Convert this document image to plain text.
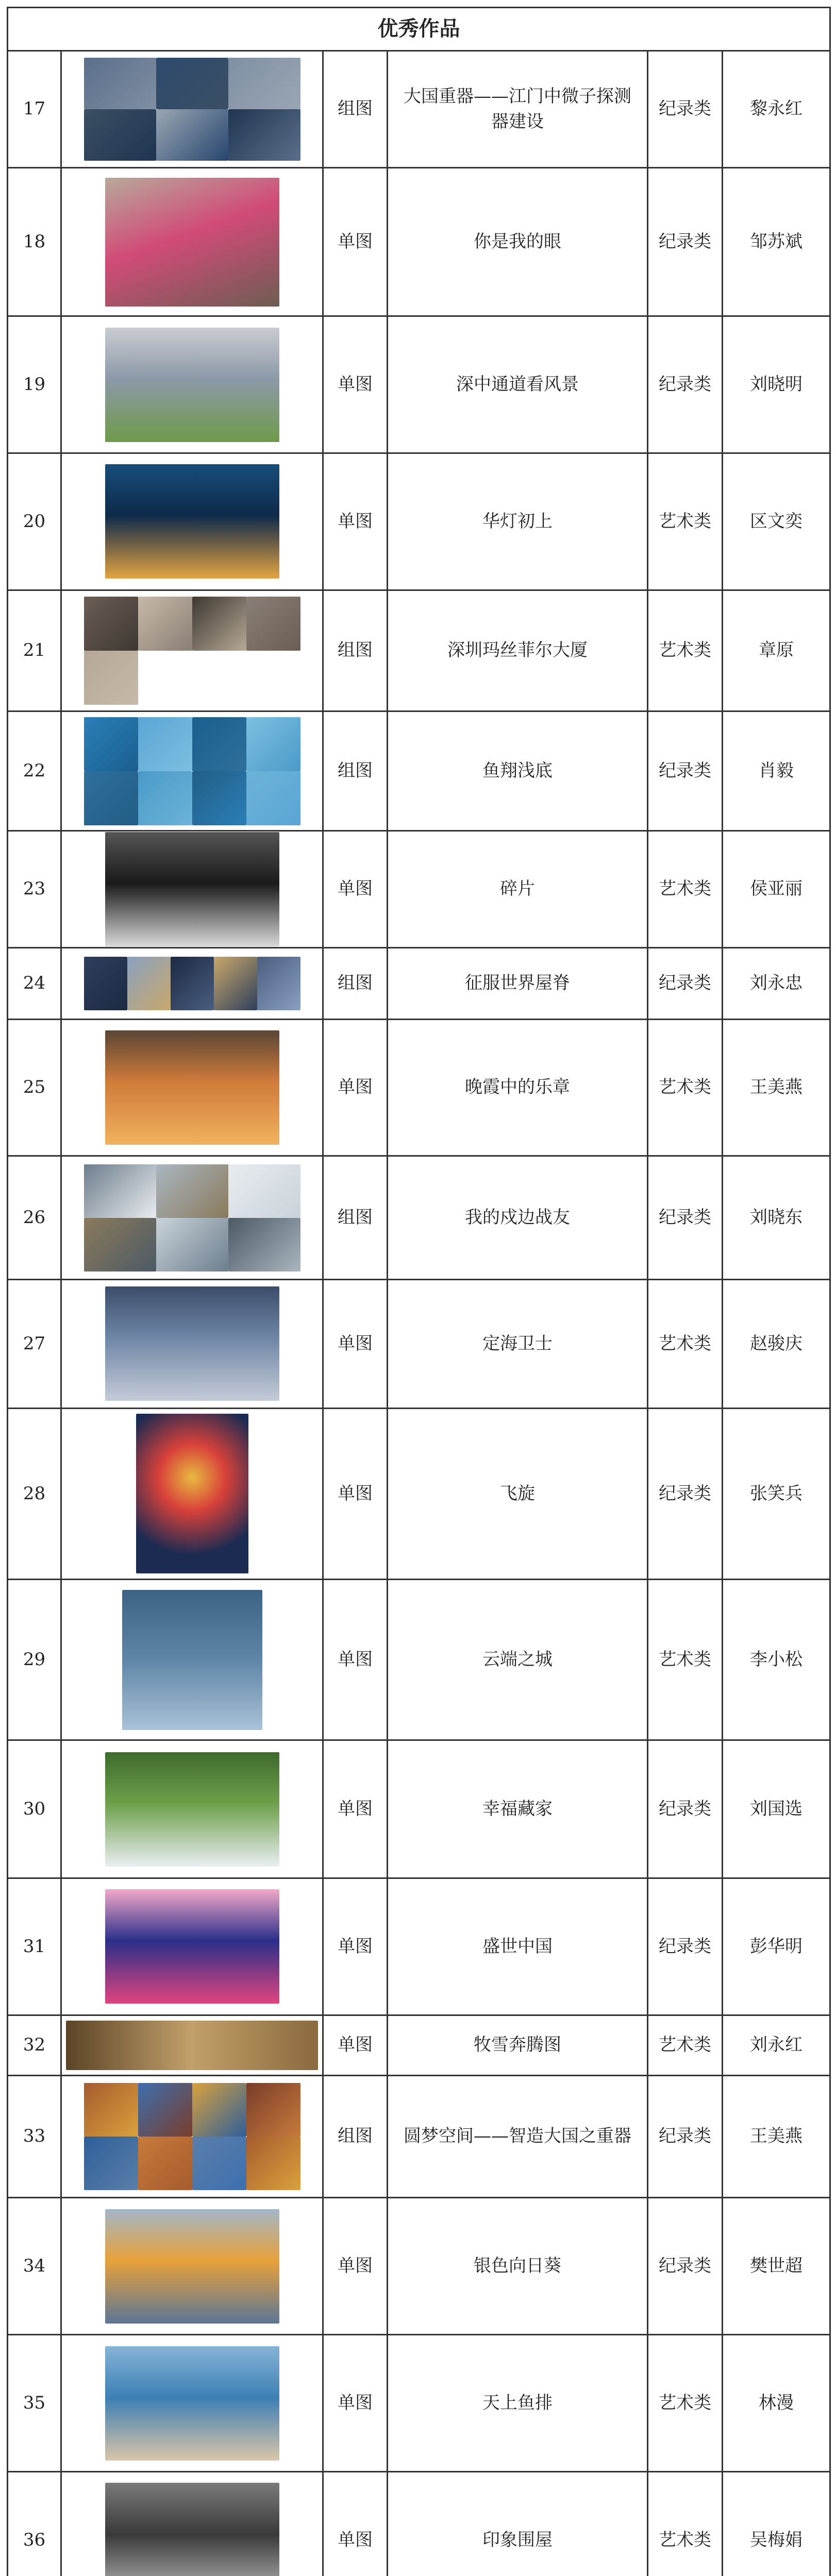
优秀作品					
17		组图	大国重器——江门中微子探测器建设	纪录类	黎永红
18		单图	你是我的眼	纪录类	邹苏斌
19		单图	深中通道看风景	纪录类	刘晓明
20		单图	华灯初上	艺术类	区文奕
21		组图	深圳玛丝菲尔大厦	艺术类	章原
22		组图	鱼翔浅底	纪录类	肖毅
23		单图	碎片	艺术类	侯亚丽
24		组图	征服世界屋脊	纪录类	刘永忠
25		单图	晚霞中的乐章	艺术类	王美燕
26		组图	我的戍边战友	纪录类	刘晓东
27		单图	定海卫士	艺术类	赵骏庆
28		单图	飞旋	纪录类	张笑兵
29		单图	云端之城	艺术类	李小松
30		单图	幸福藏家	纪录类	刘国选
31		单图	盛世中国	纪录类	彭华明
32		单图	牧雪奔腾图	艺术类	刘永红
33		组图	圆梦空间——智造大国之重器	纪录类	王美燕
34		单图	银色向日葵	纪录类	樊世超
35		单图	天上鱼排	艺术类	林漫
36		单图	印象围屋	艺术类	吴梅娟
